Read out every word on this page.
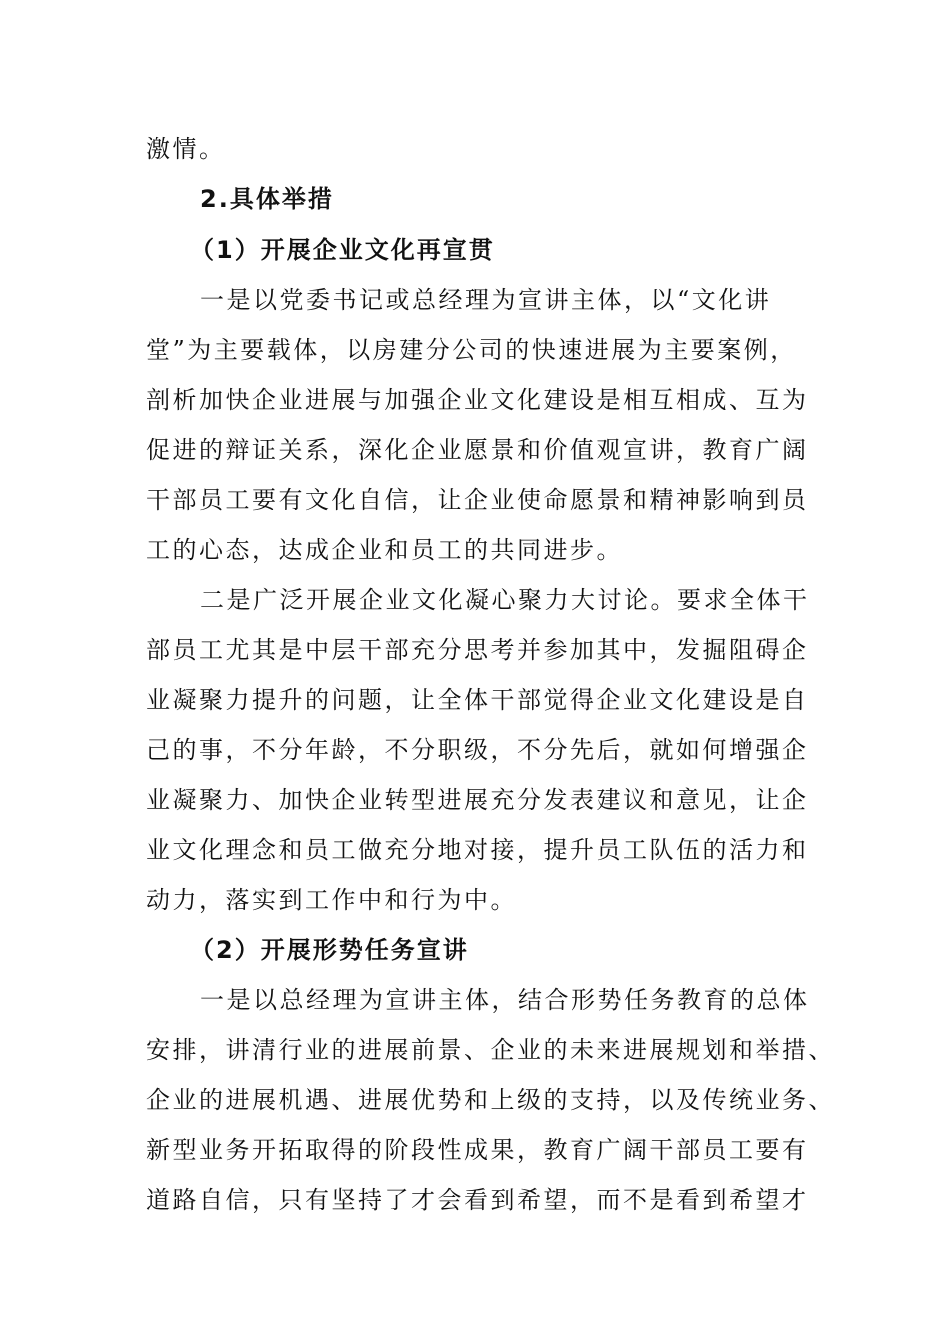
激情。
2.具体举措
（1）开展企业文化再宣贯
一是以党委书记或总经理为宣讲主体，以“文化讲
堂”为主要载体，以房建分公司的快速进展为主要案例，
剖析加快企业进展与加强企业文化建设是相互相成、互为
促进的辩证关系，深化企业愿景和价值观宣讲，教育广阔
干部员工要有文化自信，让企业使命愿景和精神影响到员
工的心态，达成企业和员工的共同进步。
二是广泛开展企业文化凝心聚力大讨论。要求全体干
部员工尤其是中层干部充分思考并参加其中，发掘阻碍企
业凝聚力提升的问题，让全体干部觉得企业文化建设是自
己的事，不分年龄，不分职级，不分先后，就如何增强企
业凝聚力、加快企业转型进展充分发表建议和意见，让企
业文化理念和员工做充分地对接，提升员工队伍的活力和
动力，落实到工作中和行为中。
（2）开展形势任务宣讲
一是以总经理为宣讲主体，结合形势任务教育的总体
安排，讲清行业的进展前景、企业的未来进展规划和举措、
企业的进展机遇、进展优势和上级的支持，以及传统业务、
新型业务开拓取得的阶段性成果，教育广阔干部员工要有
道路自信，只有坚持了才会看到希望，而不是看到希望才
